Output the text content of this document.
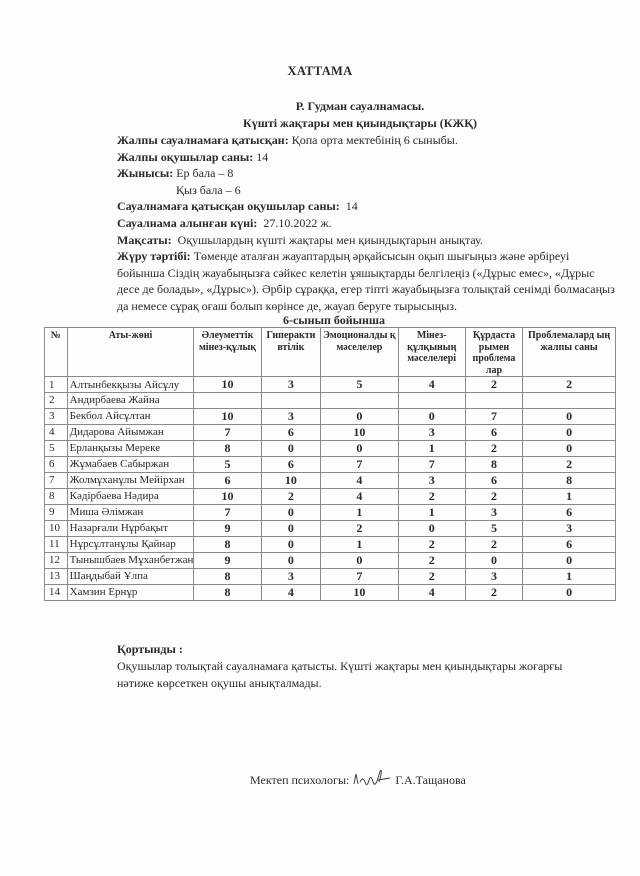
ХАТТАМА
Р. Гудман сауалнамасы.
Күшті жақтары мен қиындықтары (КЖҚ)
Жалпы сауалнамаға қатысқан: Қопа орта мектебінің 6 сыныбы.
Жалпы оқушылар саны: 14
Жынысы: Ер бала – 8
Қыз бала – 6
Сауалнамаға қатысқан оқушылар саны: 14
Сауалнама алынған күні: 27.10.2022 ж.
Мақсаты: Оқушылардың күшті жақтары мен қиындықтарын анықтау.
Жүру тәртібі: Төменде аталған жауаптардың әрқайсысын оқып шығыңыз және әрбіреуі бойынша Сіздің жауабыңызға сәйкес келетін ұяшықтарды белгілеңіз («Дұрыс емес», «Дұрыс десе де болады», «Дұрыс»). Әрбір сұраққа, егер тіпті жауабыңызға толықтай сенімді болмасаңыз да немесе сұрақ оғаш болып көрінсе де, жауап беруге тырысыңыз.
6-сынып бойынша
№	Аты-жөні	Әлеуметтік мінез-құлық	Гиперакти втілік	Эмоционалды қ мәселелер	Мінез-құлқының мәселелері	Құрдаста рымен проблема лар	Проблемалард ың жалпы саны
1	Алтынбекқызы Айсұлу	10	3	5	4	2	2
2	Андирбаева Жайна						
3	Бекбол Айсұлтан	10	3	0	0	7	0
4	Дидарова Айымжан	7	6	10	3	6	0
5	Ерланқызы Мереке	8	0	0	1	2	0
6	Жұмабаев Сабыржан	5	6	7	7	8	2
7	Жолмұханұлы Мейірхан	6	10	4	3	6	8
8	Кәдірбаева Нәдира	10	2	4	2	2	1
9	Миша Әлімжан	7	0	1	1	3	6
10	Назарғали Нұрбақыт	9	0	2	0	5	3
11	Нұрсұлтанұлы Қайнар	8	0	1	2	2	6
12	Тынышбаев Мұханбетжан	9	0	0	2	0	0
13	Шаңдыбай Ұлпа	8	3	7	2	3	1
14	Хамзин Ернұр	8	4	10	4	2	0
Қортынды :
Оқушылар толықтай сауалнамаға қатысты. Күшті жақтары мен қиындықтары жоғарғы нәтиже көрсеткен оқушы анықталмады.
Мектеп психологы:	Г.А.Тащанова
